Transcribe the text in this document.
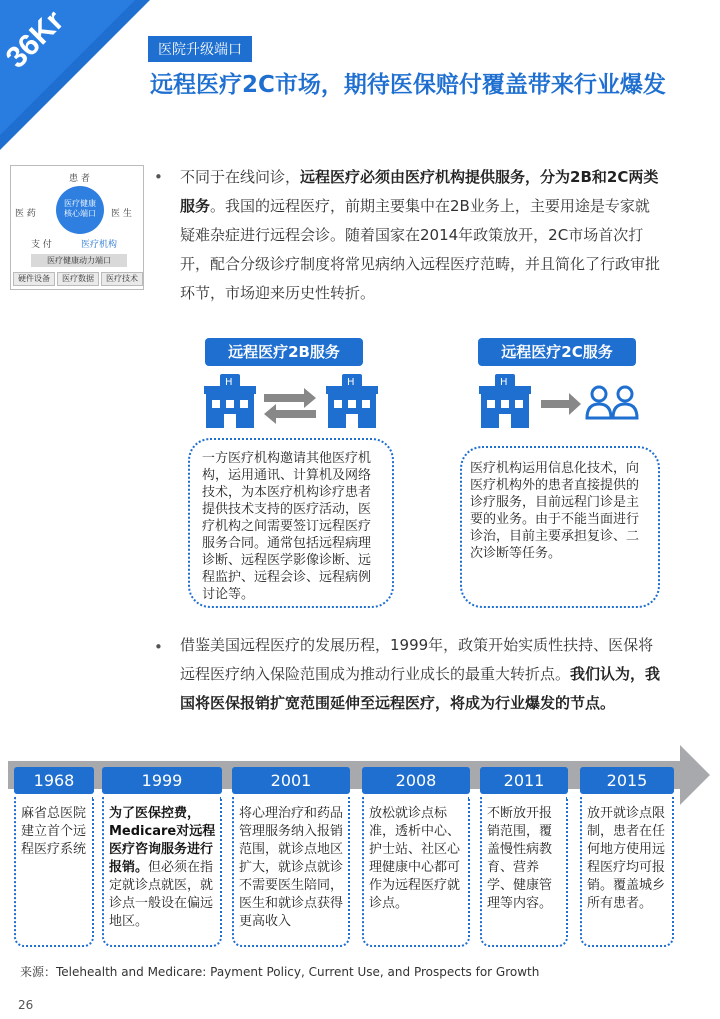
36Kr	医院升级端口
远程医疗2C市场，期待医保赔付覆盖带来行业爆发
患 者
医 药	医 生
医疗健康
核心端口
支 付	医疗机构
医疗健康动力端口
硬件设备	医疗数据	医疗技术
• 不同于在线问诊，远程医疗必须由医疗机构提供服务，分为2B和2C两类服务。我国的远程医疗，前期主要集中在2B业务上，主要用途是专家就疑难杂症进行远程会诊。随着国家在2014年政策放开，2C市场首次打开，配合分级诊疗制度将常见病纳入远程医疗范畴，并且简化了行政审批环节，市场迎来历史性转折。
远程医疗2B服务	远程医疗2C服务
H	H	H
一方医疗机构邀请其他医疗机构，运用通讯、计算机及网络技术，为本医疗机构诊疗患者提供技术支持的医疗活动，医疗机构之间需要签订远程医疗服务合同。通常包括远程病理诊断、远程医学影像诊断、远程监护、远程会诊、远程病例讨论等。
医疗机构运用信息化技术，向医疗机构外的患者直接提供的诊疗服务，目前远程门诊是主要的业务。由于不能当面进行诊治，目前主要承担复诊、二次诊断等任务。
• 借鉴美国远程医疗的发展历程，1999年，政策开始实质性扶持、医保将远程医疗纳入保险范围成为推动行业成长的最重大转折点。我们认为，我国将医保报销扩宽范围延伸至远程医疗，将成为行业爆发的节点。
1968	1999	2001	2008	2011	2015
麻省总医院建立首个远程医疗系统
为了医保控费，Medicare对远程医疗咨询服务进行报销。但必须在指定就诊点就医，就诊点一般设在偏远地区。
将心理治疗和药品管理服务纳入报销范围，就诊点地区扩大，就诊点就诊不需要医生陪同，医生和就诊点获得更高收入
放松就诊点标准，透析中心、护士站、社区心理健康中心都可作为远程医疗就诊点。
不断放开报销范围，覆盖慢性病教育、营养学、健康管理等内容。
放开就诊点限制，患者在任何地方使用远程医疗均可报销。覆盖城乡所有患者。
来源：Telehealth and Medicare: Payment Policy, Current Use, and Prospects for Growth
26
